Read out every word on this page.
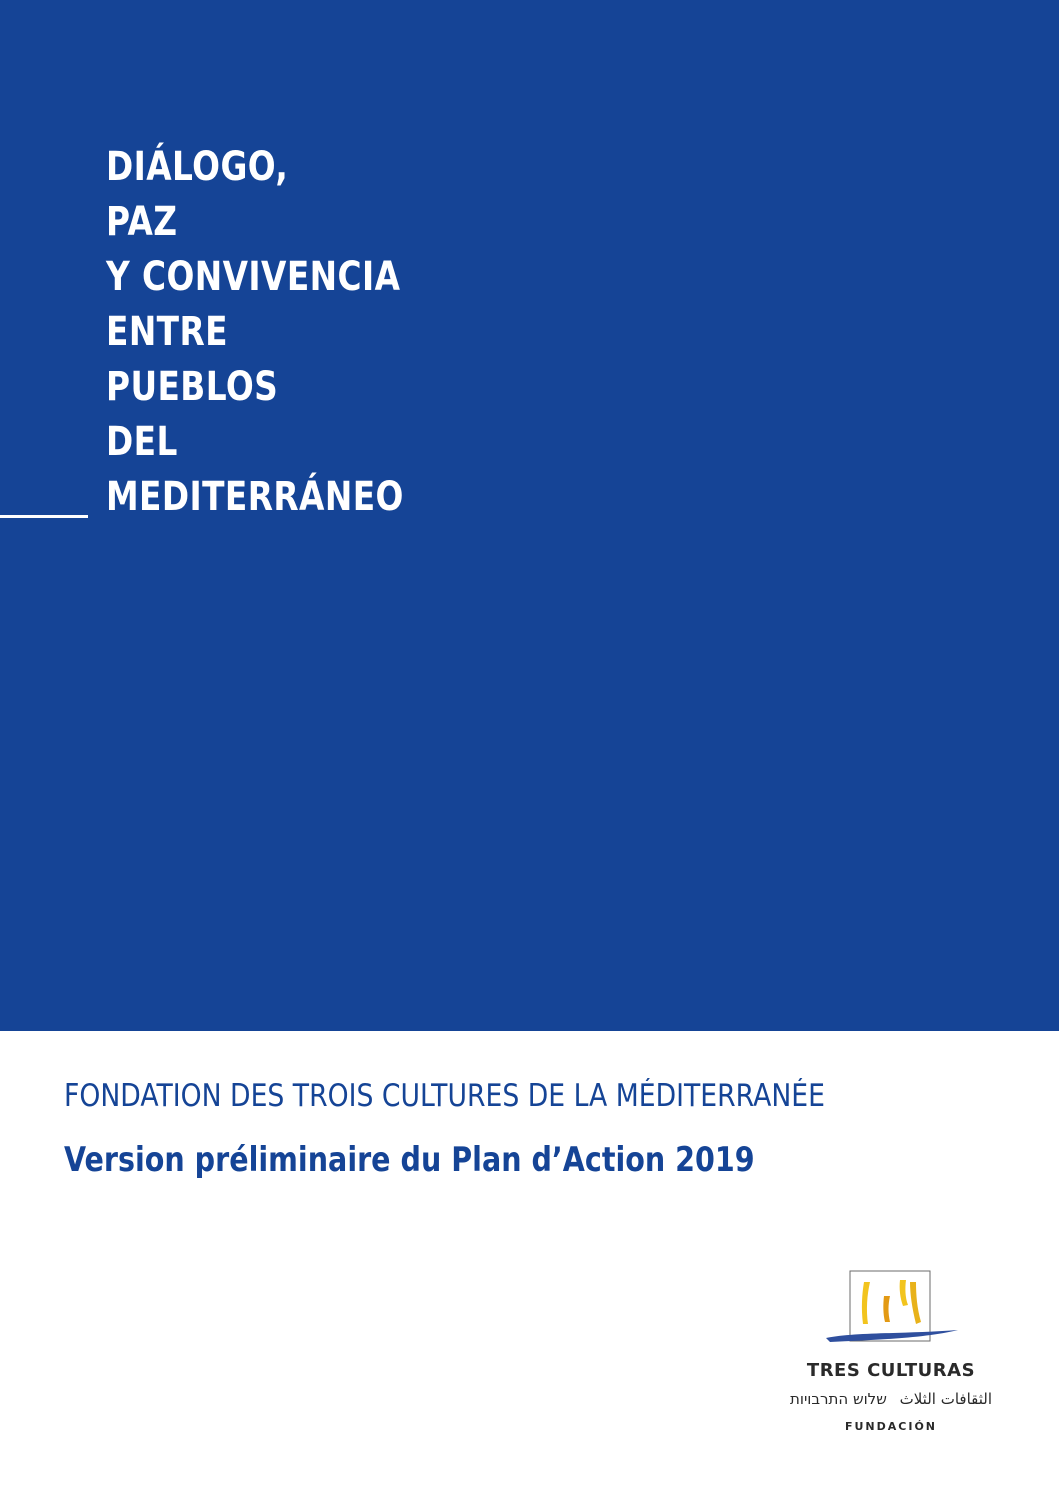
DIÁLOGO,
PAZ
Y CONVIVENCIA
ENTRE
PUEBLOS
DEL
MEDITERRÁNEO
FONDATION DES TROIS CULTURES DE LA MÉDITERRANÉE
Version préliminaire du Plan d’Action 2019
TRES CULTURAS
שלוש התרבויות الثقافات الثلاث
FUNDACIÓN
